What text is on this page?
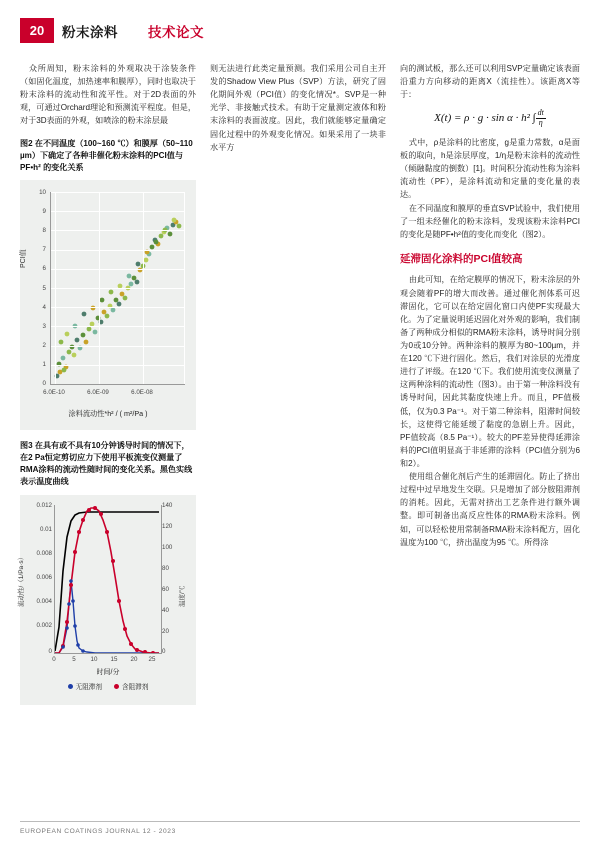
20	粉末涂料 技术论文

众所周知，粉末涂料的外观取决于涂装条件（如固化温度，加热速率和膜厚），同时也取决于粉末涂料的流动性和流平性。对于2D表面的外观，可通过Orchard理论和预测流平程度。但是，对于3D表面的外观，如喷涂的粉末涂层最

图2 在不同温度（100~160 ℃）和膜厚（50~110 µm）下确定了各种非催化粉末涂料的PCI值与PF•h² 的变化关系
10
9
8
7
6
5
4
3
2
1
0
6.0E-10	6.0E-09	6.0E-08
PCI值
涂料流动性*h² / ( m²/Pa )
图3 在具有或不具有10分钟诱导时间的情况下，在2 Pa恒定剪切应力下使用平板流变仪测量了RMA涂料的流动性随时间的变化关系。黑色实线表示温度曲线
0.012
0.01
0.008
0.006
0.004
0.002
0
140
120
100
80
60
40
20
0
0	5	10	15	20	25
流动性/（1/Pa·s）	温度/℃
时间/分
无阻滞剂	含阻滞剂

则无法进行此类定量预测。我们采用公司自主开发的Shadow View Plus（SVP）方法，研究了固化期间外观（PCI值）的变化情况*。SVP是一种光学、非接触式技术。有助于定量测定液体和粉末涂料的表面波度。因此，我们就能够定量确定固化过程中的外观变化情况。如果采用了一块非水平方

向的测试板，那么还可以利用SVP定量确定该表面沿重力方向移动的距离X（流挂性）。该距离X等于：

X(t) = ρ · g · sin α · h² ∫ $\frac{dt}{\eta}$

式中，ρ是涂料的比密度，g是重力常数，α是面板的取向，h是涂层厚度，1/η是粉末涂料的流动性（倾融黏度的倒数）[1]。时间积分流动性称为涂料流动性（PF），是涂料流动和定量的变化量的表达。

在不同温度和膜厚的垂直SVP试验中，我们使用了一组未经催化的粉末涂料，发现该粉末涂料PCI的变化是随PF•h²值的变化而变化（图2）。

延滞固化涂料的PCI值较高

由此可知，在给定膜厚的情况下，粉末涂层的外观会随着PF的增大而改善。通过催化剂体系可迟滞固化，它可以在给定固化窗口内使PF实现最大化。为了定量说明延迟固化对外观的影响，我们制备了两种成分相似的RMA粉末涂料，诱导时间分别为0或10分钟。两种涂料的膜厚为80~100µm，并在120 ℃下进行固化。然后，我们对涂层的光滑度进行了评级。在120 ℃下。我们使用流变仪测量了这两种涂料的流动性（图3）。由于第一种涂料没有诱导时间，因此其黏度快速上升。而且，PF值极低，仅为0.3 Pa⁻¹。对于第二种涂料，阻滞时间较长，这使得它能延缓了黏度的急剧上升。因此，PF值较高（8.5 Pa⁻¹）。较大的PF差异使得延滞涂料的PCI值明显高于非延滞的涂料（PCI值分别为6和2）。

使用组合催化剂后产生的延滞固化。防止了挤出过程中过早地发生交联。只是增加了部分胺阻滞剂的消耗。因此，无需对挤出工艺条件进行额外调整。即可制备出高反应性体的RMA粉末涂料。例如，可以轻松使用常制备RMA粉末涂料配方，固化温度为100 ℃，挤出温度为95 ℃。所得涂

EUROPEAN COATINGS JOURNAL 12 - 2023
